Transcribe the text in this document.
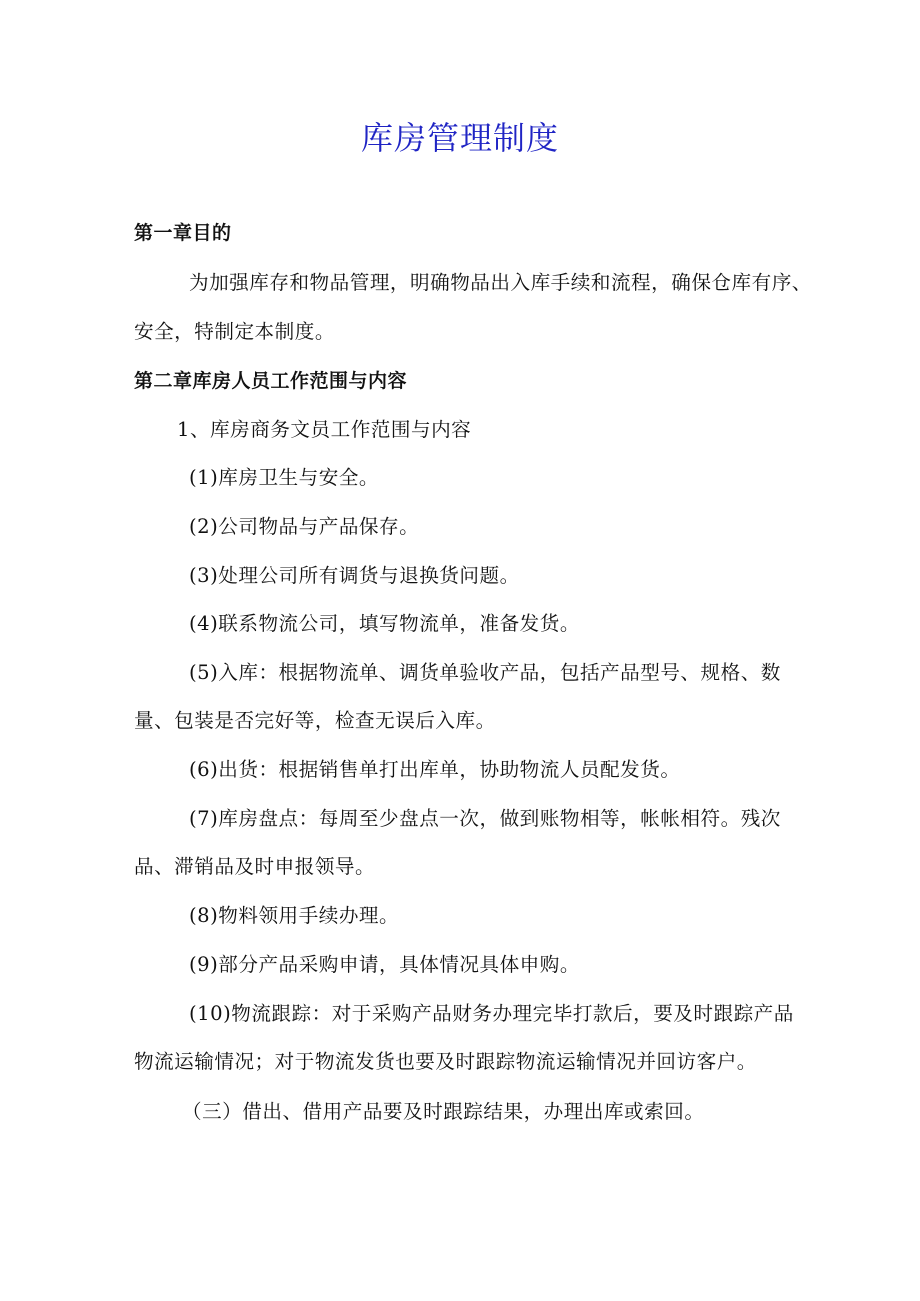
库房管理制度
第一章目的
为加强库存和物品管理，明确物品出入库手续和流程，确保仓库有序、
安全，特制定本制度。
第二章库房人员工作范围与内容
1、库房商务文员工作范围与内容
(1)库房卫生与安全。
(2)公司物品与产品保存。
(3)处理公司所有调货与退换货问题。
(4)联系物流公司，填写物流单，准备发货。
(5)入库：根据物流单、调货单验收产品，包括产品型号、规格、数
量、包装是否完好等，检查无误后入库。
(6)出货：根据销售单打出库单，协助物流人员配发货。
(7)库房盘点：每周至少盘点一次，做到账物相等，帐帐相符。残次
品、滞销品及时申报领导。
(8)物料领用手续办理。
(9)部分产品采购申请，具体情况具体申购。
(10)物流跟踪：对于采购产品财务办理完毕打款后，要及时跟踪产品
物流运输情况；对于物流发货也要及时跟踪物流运输情况并回访客户。
（三）借出、借用产品要及时跟踪结果，办理出库或索回。
